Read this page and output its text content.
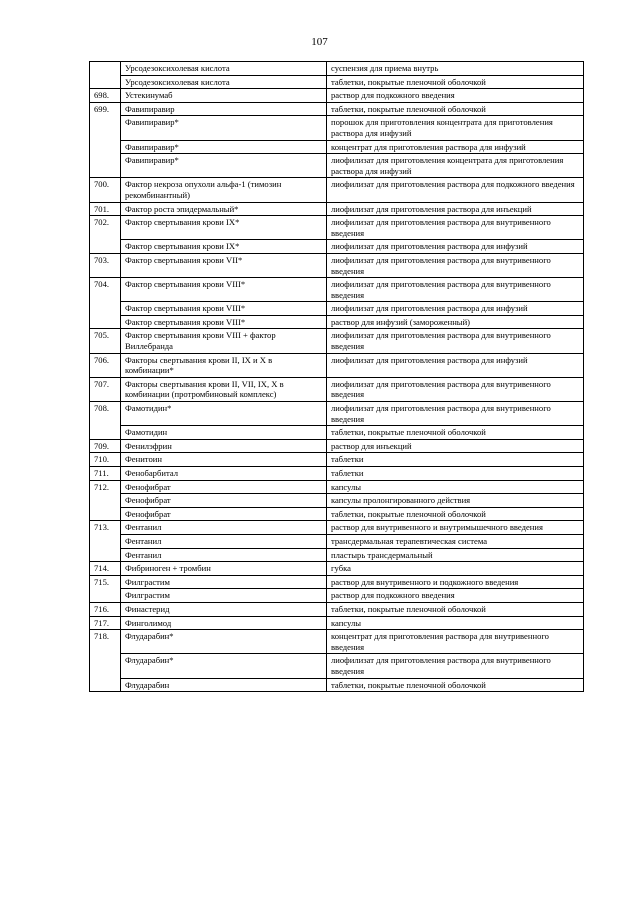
107
	Урсодезоксихолевая кислота	суспензия для приема внутрь
	Урсодезоксихолевая кислота	таблетки, покрытые пленочной оболочкой
698.	Устекинумаб	раствор для подкожного введения
699.	Фавипиравир	таблетки, покрытые пленочной оболочкой
	Фавипиравир*	порошок для приготовления концентрата для приготовления раствора для инфузий
	Фавипиравир*	концентрат для приготовления раствора для инфузий
	Фавипиравир*	лиофилизат для приготовления концентрата для приготовления раствора для инфузий
700.	Фактор некроза опухоли альфа-1 (тимозин рекомбинантный)	лиофилизат для приготовления раствора для подкожного введения
701.	Фактор роста эпидермальный*	лиофилизат для приготовления раствора для инъекций
702.	Фактор свертывания крови IX*	лиофилизат для приготовления раствора для внутривенного введения
	Фактор свертывания крови IX*	лиофилизат для приготовления раствора для инфузий
703.	Фактор свертывания крови VII*	лиофилизат для приготовления раствора для внутривенного введения
704.	Фактор свертывания крови VIII*	лиофилизат для приготовления раствора для внутривенного введения
	Фактор свертывания крови VIII*	лиофилизат для приготовления раствора для инфузий
	Фактор свертывания крови VIII*	раствор для инфузий (замороженный)
705.	Фактор свертывания крови VIII + фактор Виллебранда	лиофилизат для приготовления раствора для внутривенного введения
706.	Факторы свертывания крови II, IX и X в комбинации*	лиофилизат для приготовления раствора для инфузий
707.	Факторы свертывания крови II, VII, IX, X в комбинации (протромбиновый комплекс)	лиофилизат для приготовления раствора для внутривенного введения
708.	Фамотидин*	лиофилизат для приготовления раствора для внутривенного введения
	Фамотидин	таблетки, покрытые пленочной оболочкой
709.	Фенилэфрин	раствор для инъекций
710.	Фенитоин	таблетки
711.	Фенобарбитал	таблетки
712.	Фенофибрат	капсулы
	Фенофибрат	капсулы пролонгированного действия
	Фенофибрат	таблетки, покрытые пленочной оболочкой
713.	Фентанил	раствор для внутривенного и внутримышечного введения
	Фентанил	трансдермальная терапевтическая система
	Фентанил	пластырь трансдермальный
714.	Фибриноген + тромбин	губка
715.	Филграстим	раствор для внутривенного и подкожного введения
	Филграстим	раствор для подкожного введения
716.	Финастерид	таблетки, покрытые пленочной оболочкой
717.	Финголимод	капсулы
718.	Флударабин*	концентрат для приготовления раствора для внутривенного введения
	Флударабин*	лиофилизат для приготовления раствора для внутривенного введения
	Флударабин	таблетки, покрытые пленочной оболочкой
